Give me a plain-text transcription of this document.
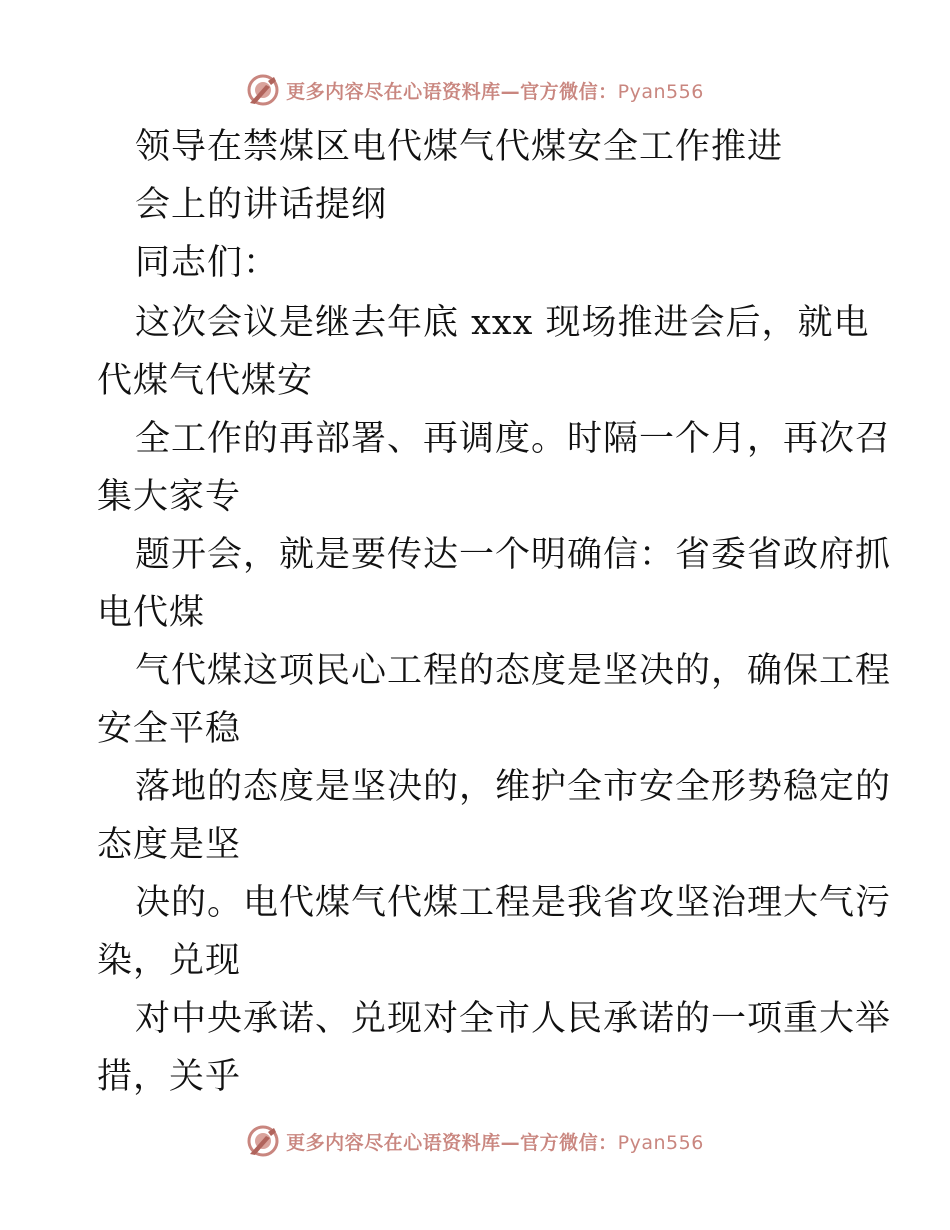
更多内容尽在心语资料库—官方微信：Pyan556
领导在禁煤区电代煤气代煤安全工作推进
会上的讲话提纲
同志们：
这次会议是继去年底 xxx 现场推进会后，就电
代煤气代煤安
全工作的再部署、再调度。时隔一个月，再次召
集大家专
题开会，就是要传达一个明确信：省委省政府抓
电代煤
气代煤这项民心工程的态度是坚决的，确保工程
安全平稳
落地的态度是坚决的，维护全市安全形势稳定的
态度是坚
决的。电代煤气代煤工程是我省攻坚治理大气污
染，兑现
对中央承诺、兑现对全市人民承诺的一项重大举
措，关乎
更多内容尽在心语资料库—官方微信：Pyan556
